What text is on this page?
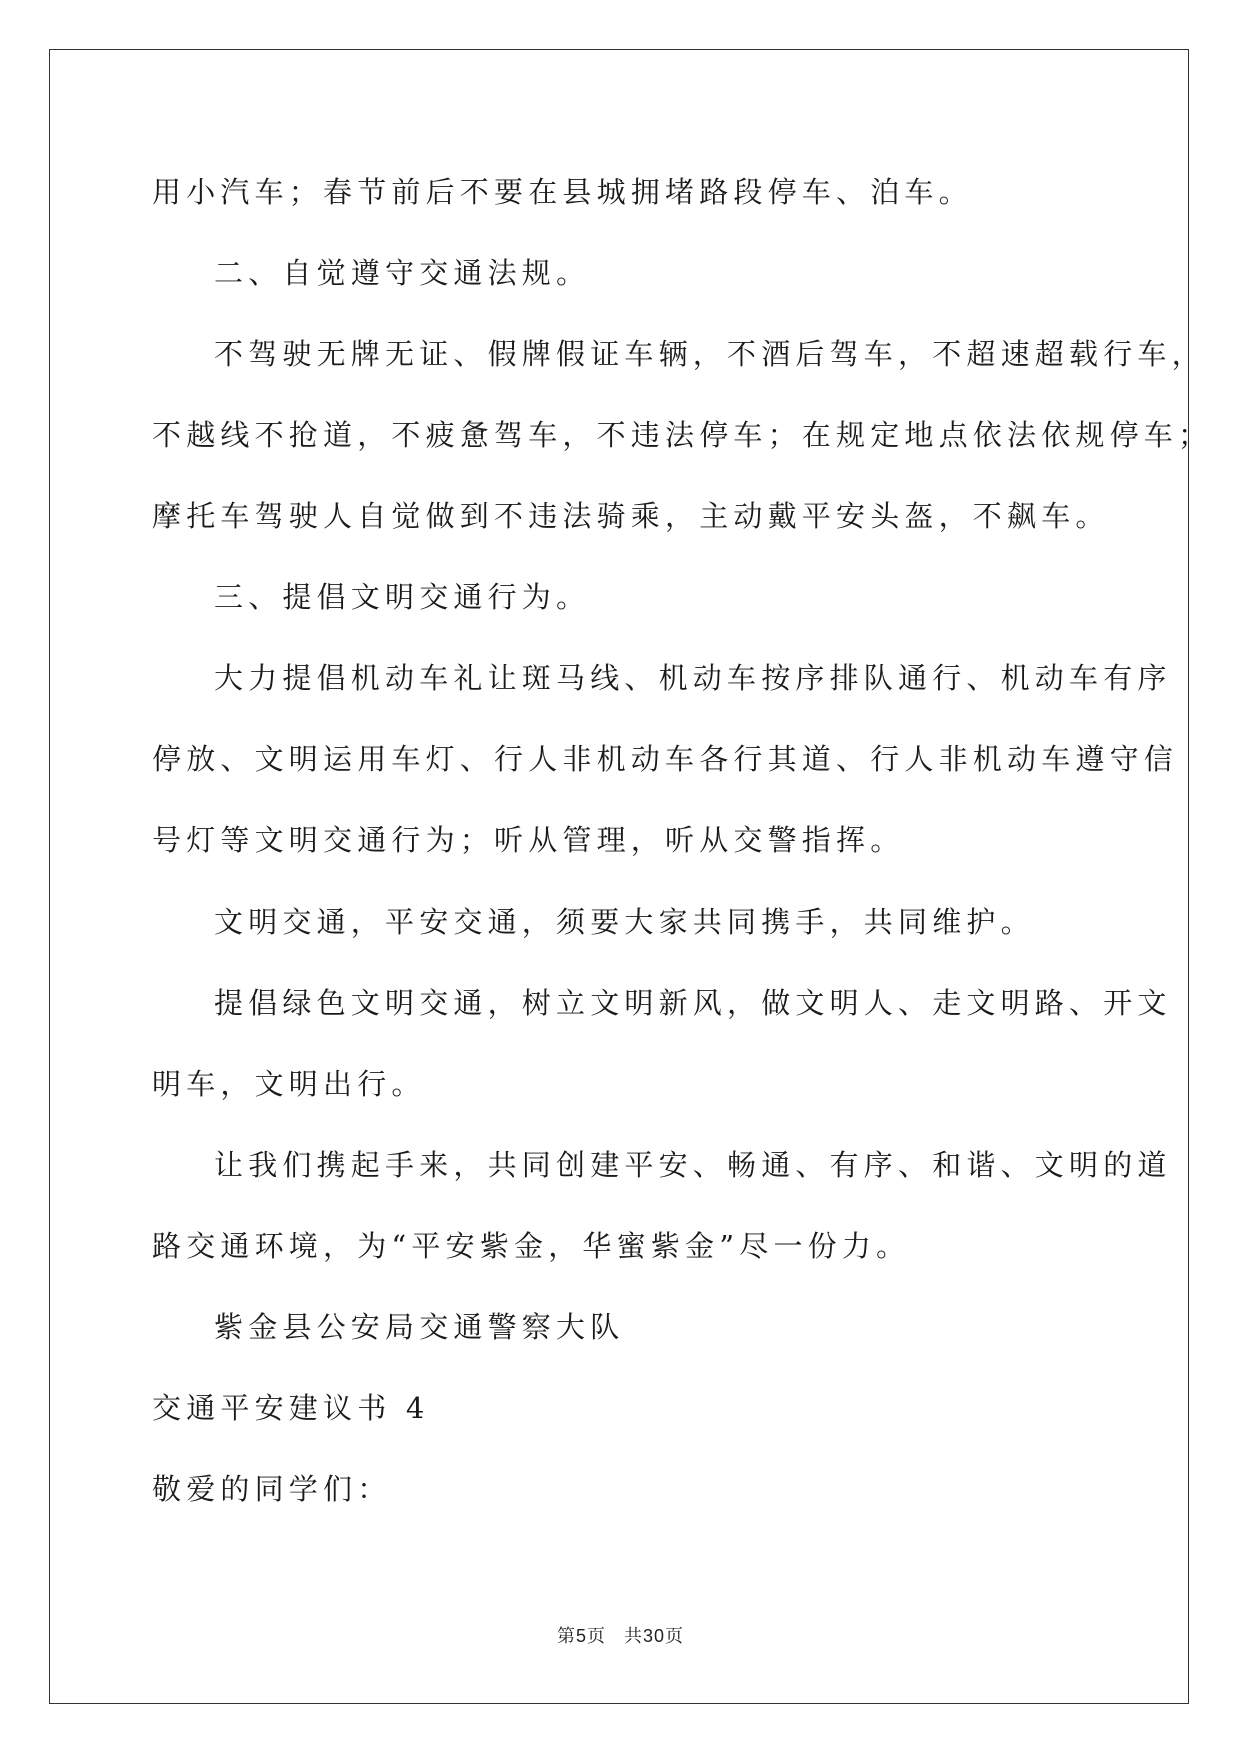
用小汽车；春节前后不要在县城拥堵路段停车、泊车。
二、自觉遵守交通法规。
不驾驶无牌无证、假牌假证车辆，不酒后驾车，不超速超载行车，
不越线不抢道，不疲惫驾车，不违法停车；在规定地点依法依规停车；
摩托车驾驶人自觉做到不违法骑乘，主动戴平安头盔，不飙车。
三、提倡文明交通行为。
大力提倡机动车礼让斑马线、机动车按序排队通行、机动车有序
停放、文明运用车灯、行人非机动车各行其道、行人非机动车遵守信
号灯等文明交通行为；听从管理，听从交警指挥。
文明交通，平安交通，须要大家共同携手，共同维护。
提倡绿色文明交通，树立文明新风，做文明人、走文明路、开文
明车，文明出行。
让我们携起手来，共同创建平安、畅通、有序、和谐、文明的道
路交通环境，为“平安紫金，华蜜紫金”尽一份力。
紫金县公安局交通警察大队
交通平安建议书 4
敬爱的同学们：
第5页 共30页
